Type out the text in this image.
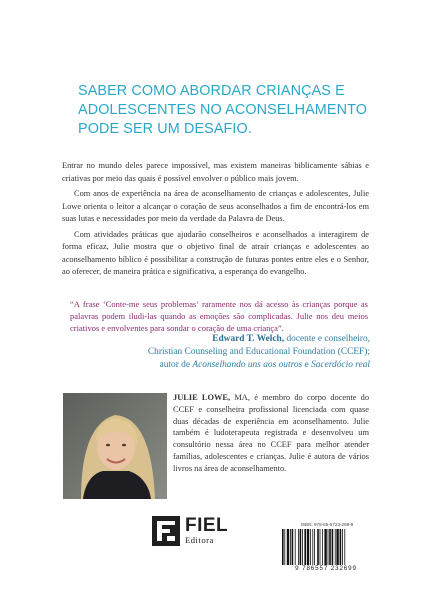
SABER COMO ABORDAR CRIANÇAS E
ADOLESCENTES NO ACONSELHAMENTO
PODE SER UM DESAFIO.

Entrar no mundo deles parece impossível, mas existem maneiras biblicamente sábias e criativas por meio das quais é possível envolver o público mais jovem.

Com anos de experiência na área de aconselhamento de crianças e adolescentes, Julie Lowe orienta o leitor a alcançar o coração de seus aconselhados a fim de encontrá-los em suas lutas e necessidades por meio da verdade da Palavra de Deus.

Com atividades práticas que ajudarão conselheiros e aconselhados a interagirem de forma eficaz, Julie mostra que o objetivo final de atrair crianças e adolescentes ao aconselhamento bíblico é possibilitar a construção de futuras pontes entre eles e o Senhor, ao oferecer, de maneira prática e significativa, a esperança do evangelho.

“A frase ‘Conte-me seus problemas’ raramente nos dá acesso às crianças porque as palavras podem iludi-las quando as emoções são complicadas. Julie nos deu meios criativos e envolventes para sondar o coração de uma criança”.
Edward T. Welch, docente e conselheiro,
Christian Counseling and Educational Foundation (CCEF);
autor de Aconselhando uns aos outros e Sacerdócio real
JULIE LOWE, MA, é membro do corpo docente do CCEF e conselheira profissional licenciada com quase duas décadas de experiência em aconselhamento. Julie também é ludoterapeuta registrada e desenvolveu um consultório nessa área no CCEF para melhor atender famílias, adolescentes e crianças. Julie é autora de vários livros na área de aconselhamento.
FIEL
Editora
ISBN: 978-65-5723-269-9
9 786557 232699
